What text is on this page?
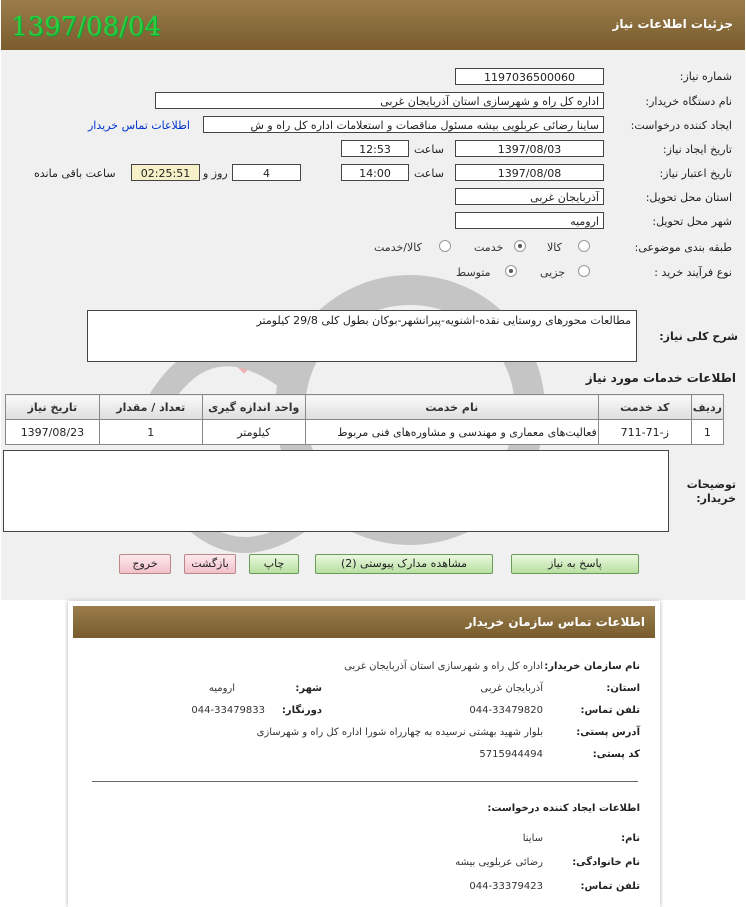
جزئیات اطلاعات نیاز
1397/08/04
شماره نیاز:
1197036500060
نام دستگاه خریدار:
اداره کل راه و شهرسازی استان آذربایجان غربی
ایجاد کننده درخواست:
ساینا رضائی عربلویی بیشه مسئول مناقصات و استعلامات اداره کل راه و ش
اطلاعات تماس خریدار
تاریخ ایجاد نیاز:
1397/08/03
ساعت
12:53
تاریخ اعتبار نیاز:
1397/08/08
ساعت
14:00
4
روز و
02:25:51
ساعت باقی مانده
استان محل تحویل:
آذربایجان غربی
شهر محل تحویل:
ارومیه
طبقه بندی موضوعی:
کالا
خدمت
کالا/خدمت
نوع فرآیند خرید :
جزیی
متوسط
شرح کلی نیاز:
مطالعات محورهای روستایی نقده-اشنویه-پیرانشهر-بوکان بطول کلی 29/8 کیلومتر
اطلاعات خدمات مورد نیاز
ردیف	کد خدمت	نام خدمت	واحد اندازه گیری	تعداد / مقدار	تاریخ نیاز
1	ز-71-711	فعالیت‌های معماری و مهندسی و مشاوره‌های فنی مربوط	کیلومتر	1	1397/08/23
توضیحات خریدار:
پاسخ به نیاز
مشاهده مدارک پیوستی (2)
چاپ
بازگشت
خروج
اطلاعات تماس سازمان خریدار
نام سازمان خریدار:
اداره کل راه و شهرسازی استان آذربایجان غربی
استان:
آذربایجان غربی
شهر:
ارومیه
تلفن تماس:
044-33479820
دورنگار:
044-33479833
آدرس پستی:
بلوار شهید بهشتی نرسیده به چهارراه شورا اداره کل راه و شهرسازی
کد پستی:
5715944494
اطلاعات ایجاد کننده درخواست:
نام:
ساینا
نام خانوادگی:
رضائی عربلویی بیشه
تلفن تماس:
044-33379423
